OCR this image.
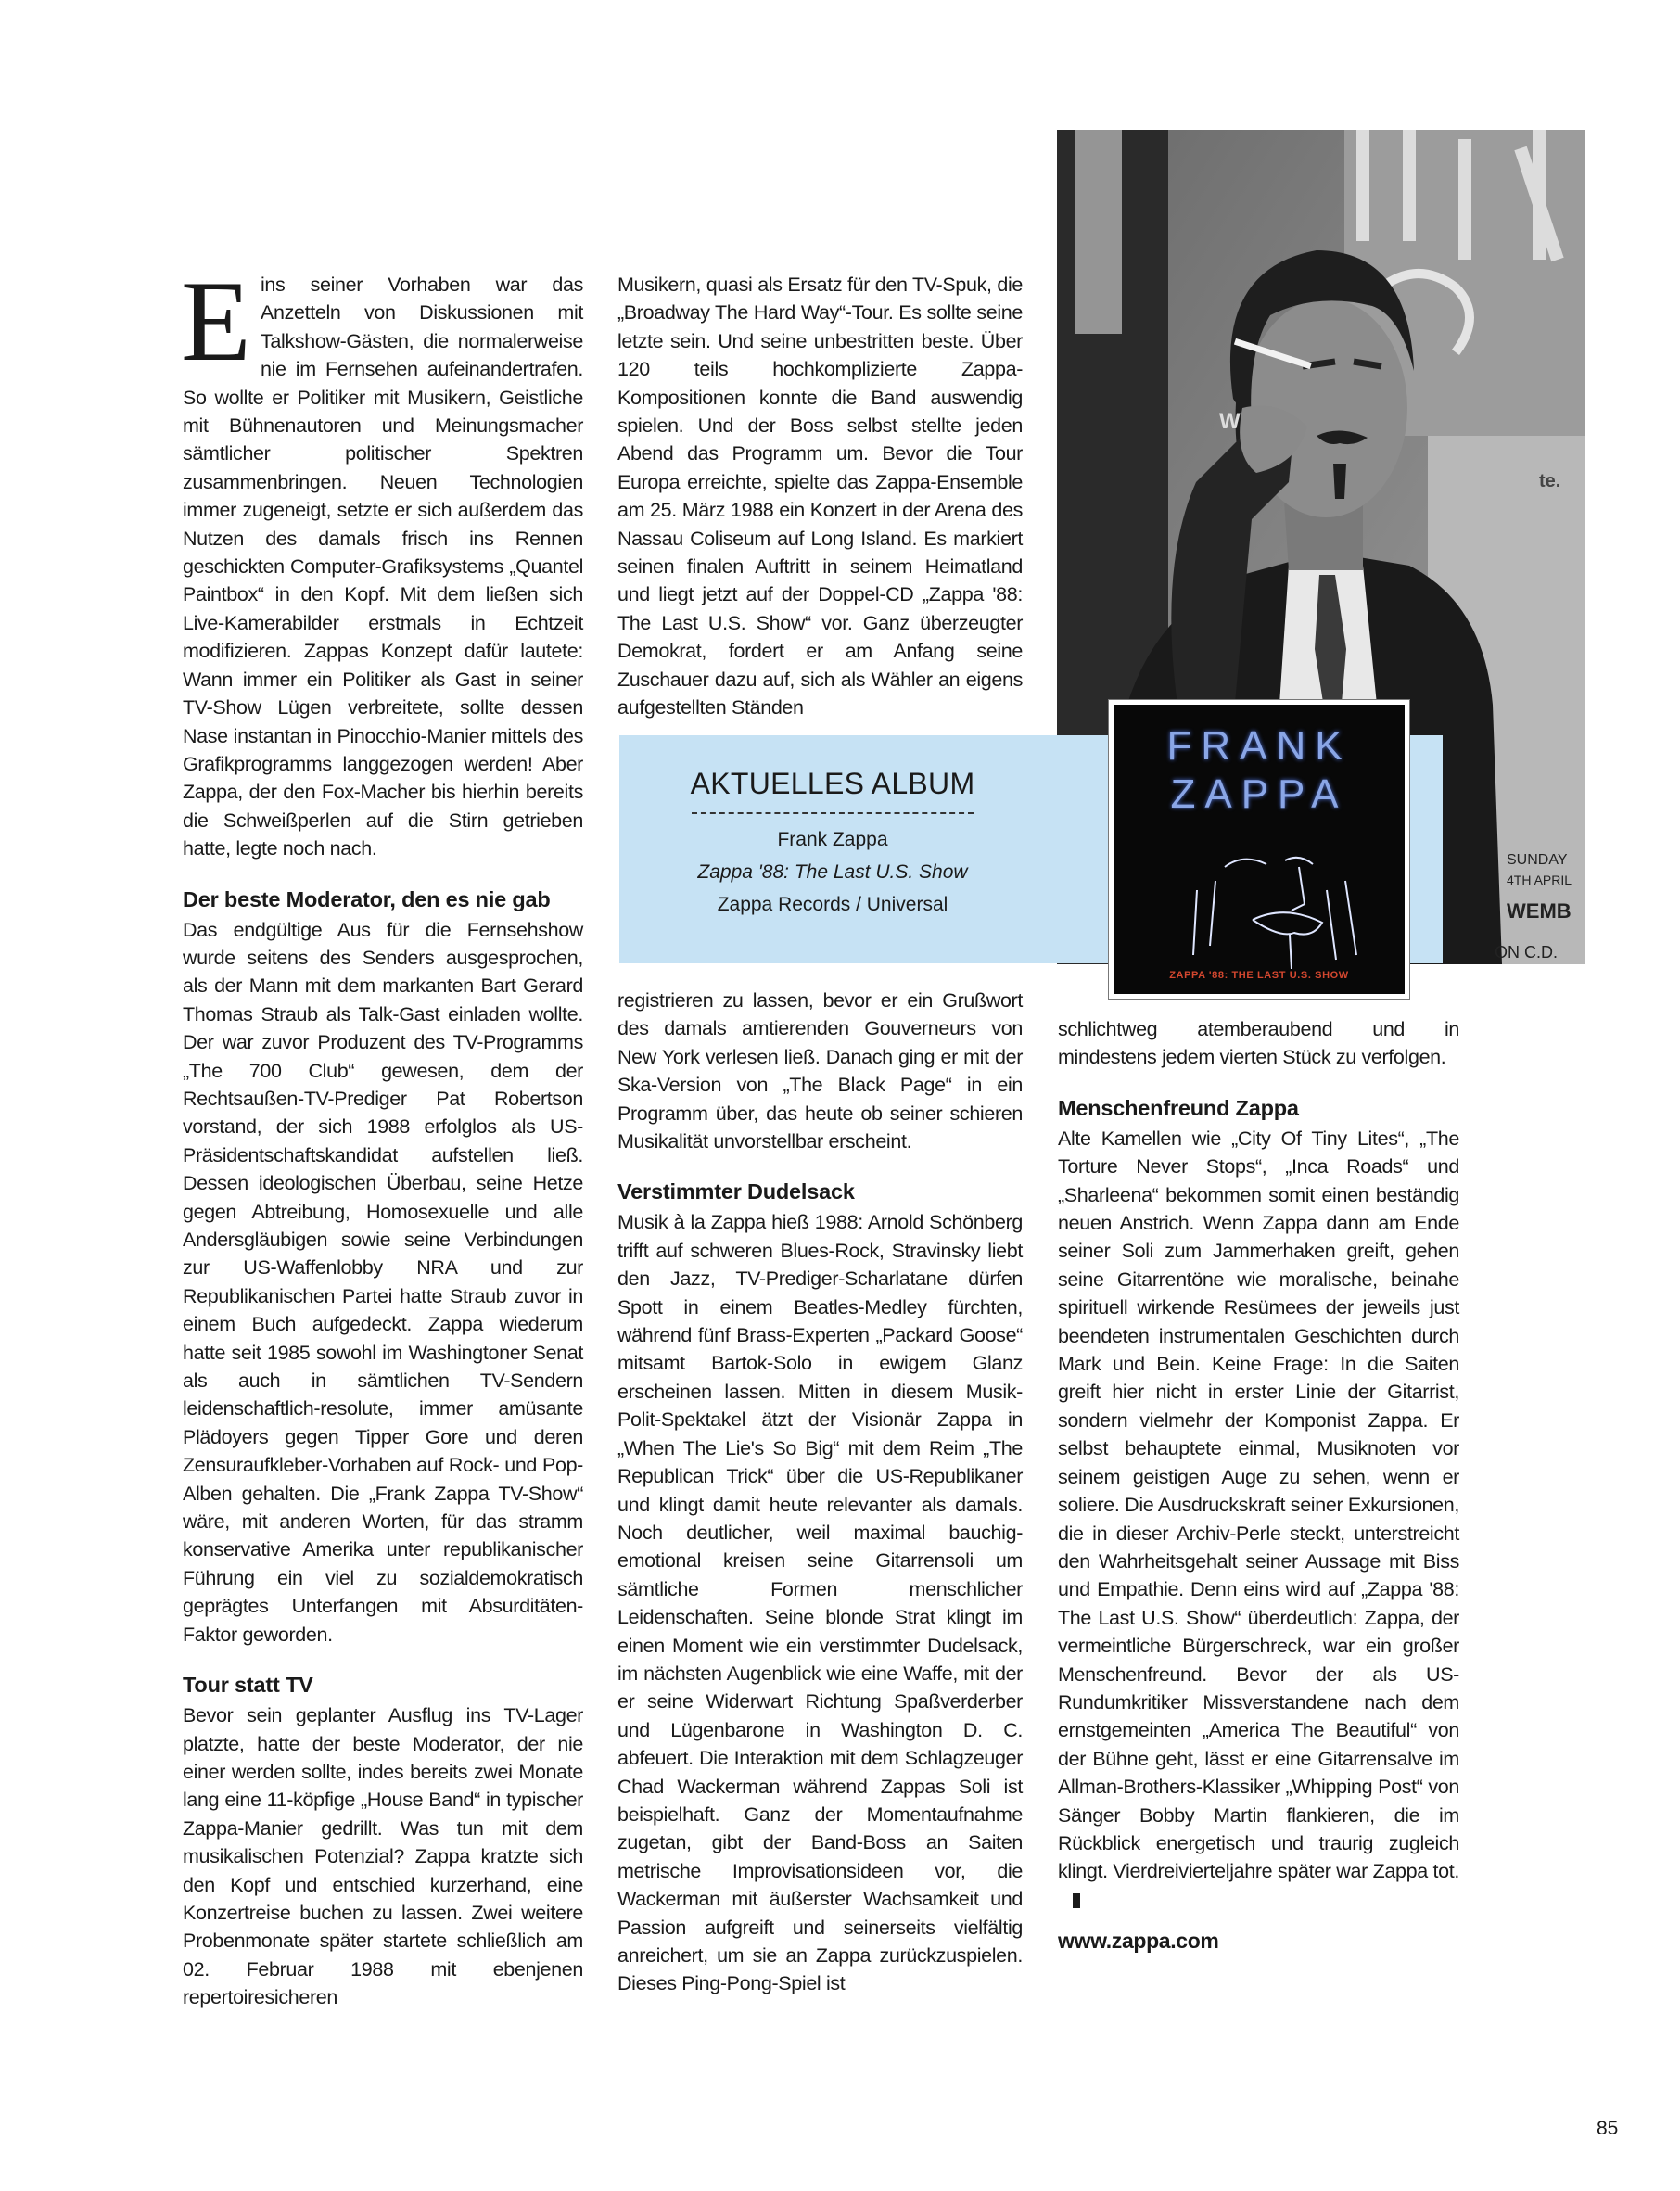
E ins seiner Vorhaben war das Anzetteln von Diskussionen mit Talkshow-Gästen, die normalerweise nie im Fernsehen aufeinandertrafen. So wollte er Politiker mit Musikern, Geistliche mit Bühnenautoren und Meinungsmacher sämtlicher politischer Spektren zusammenbringen. Neuen Technologien immer zugeneigt, setzte er sich außerdem das Nutzen des damals frisch ins Rennen geschickten Computer-Grafiksystems „Quantel Paintbox“ in den Kopf. Mit dem ließen sich Live-Kamerabilder erstmals in Echtzeit modifizieren. Zappas Konzept dafür lautete: Wann immer ein Politiker als Gast in seiner TV-Show Lügen verbreitete, sollte dessen Nase instantan in Pinocchio-Manier mittels des Grafikprogramms langgezogen werden! Aber Zappa, der den Fox-Macher bis hierhin bereits die Schweißperlen auf die Stirn getrieben hatte, legte noch nach.

Der beste Moderator, den es nie gab

Das endgültige Aus für die Fernsehshow wurde seitens des Senders ausgesprochen, als der Mann mit dem markanten Bart Gerard Thomas Straub als Talk-Gast einladen wollte. Der war zuvor Produzent des TV-Programms „The 700 Club“ gewesen, dem der Rechtsaußen-TV-Prediger Pat Robertson vorstand, der sich 1988 erfolglos als US-Präsidentschaftskandidat aufstellen ließ. Dessen ideologischen Überbau, seine Hetze gegen Abtreibung, Homosexuelle und alle Andersgläubigen sowie seine Verbindungen zur US-Waffenlobby NRA und zur Republikanischen Partei hatte Straub zuvor in einem Buch aufgedeckt. Zappa wiederum hatte seit 1985 sowohl im Washingtoner Senat als auch in sämtlichen TV-Sendern leidenschaftlich-resolute, immer amüsante Plädoyers gegen Tipper Gore und deren Zensuraufkleber-Vorhaben auf Rock- und Pop-Alben gehalten. Die „Frank Zappa TV-Show“ wäre, mit anderen Worten, für das stramm konservative Amerika unter republikanischer Führung ein viel zu sozialdemokratisch geprägtes Unterfangen mit Absurditäten-Faktor geworden.

Tour statt TV

Bevor sein geplanter Ausflug ins TV-Lager platzte, hatte der beste Moderator, der nie einer werden sollte, indes bereits zwei Monate lang eine 11-köpfige „House Band“ in typischer Zappa-Manier gedrillt. Was tun mit dem musikalischen Potenzial? Zappa kratzte sich den Kopf und entschied kurzerhand, eine Konzertreise buchen zu lassen. Zwei weitere Probenmonate später startete schließlich am 02. Februar 1988 mit ebenjenen repertoiresicheren

Musikern, quasi als Ersatz für den TV-Spuk, die „Broadway The Hard Way“-Tour. Es sollte seine letzte sein. Und seine unbestritten beste. Über 120 teils hochkomplizierte Zappa-Kompositionen konnte die Band auswendig spielen. Und der Boss selbst stellte jeden Abend das Programm um. Bevor die Tour Europa erreichte, spielte das Zappa-Ensemble am 25. März 1988 ein Konzert in der Arena des Nassau Coliseum auf Long Island. Es markiert seinen finalen Auftritt in seinem Heimatland und liegt jetzt auf der Doppel-CD „Zappa '88: The Last U.S. Show“ vor. Ganz überzeugter Demokrat, fordert er am Anfang seine Zuschauer dazu auf, sich als Wähler an eigens aufgestellten Ständen

W
te.
SUNDAY
4TH APRIL
WEMB
ON C.D.
AKTUELLES ALBUM
Frank Zappa
Zappa '88: The Last U.S. Show
Zappa Records / Universal
FRANK
ZAPPA
ZAPPA '88: THE LAST U.S. SHOW

registrieren zu lassen, bevor er ein Grußwort des damals amtierenden Gouverneurs von New York verlesen ließ. Danach ging er mit der Ska-Version von „The Black Page“ in ein Programm über, das heute ob seiner schieren Musikalität unvorstellbar erscheint.

Verstimmter Dudelsack

Musik à la Zappa hieß 1988: Arnold Schönberg trifft auf schweren Blues-Rock, Stravinsky liebt den Jazz, TV-Prediger-Scharlatane dürfen Spott in einem Beatles-Medley fürchten, während fünf Brass-Experten „Packard Goose“ mitsamt Bartok-Solo in ewigem Glanz erscheinen lassen. Mitten in diesem Musik-Polit-Spektakel ätzt der Visionär Zappa in „When The Lie's So Big“ mit dem Reim „The Republican Trick“ über die US-Republikaner und klingt damit heute relevanter als damals. Noch deutlicher, weil maximal bauchig-emotional kreisen seine Gitarrensoli um sämtliche Formen menschlicher Leidenschaften. Seine blonde Strat klingt im einen Moment wie ein verstimmter Dudelsack, im nächsten Augenblick wie eine Waffe, mit der er seine Widerwart Richtung Spaßverderber und Lügenbarone in Washington D. C. abfeuert. Die Interaktion mit dem Schlagzeuger Chad Wackerman während Zappas Soli ist beispielhaft. Ganz der Momentaufnahme zugetan, gibt der Band-Boss an Saiten metrische Improvisationsideen vor, die Wackerman mit äußerster Wachsamkeit und Passion aufgreift und seinerseits vielfältig anreichert, um sie an Zappa zurückzuspielen. Dieses Ping-Pong-Spiel ist

schlichtweg atemberaubend und in mindestens jedem vierten Stück zu verfolgen.

Menschenfreund Zappa

Alte Kamellen wie „City Of Tiny Lites“, „The Torture Never Stops“, „Inca Roads“ und „Sharleena“ bekommen somit einen beständig neuen Anstrich. Wenn Zappa dann am Ende seiner Soli zum Jammerhaken greift, gehen seine Gitarrentöne wie moralische, beinahe spirituell wirkende Resümees der jeweils just beendeten instrumentalen Geschichten durch Mark und Bein. Keine Frage: In die Saiten greift hier nicht in erster Linie der Gitarrist, sondern vielmehr der Komponist Zappa. Er selbst behauptete einmal, Musiknoten vor seinem geistigen Auge zu sehen, wenn er soliere. Die Ausdruckskraft seiner Exkursionen, die in dieser Archiv-Perle steckt, unterstreicht den Wahrheitsgehalt seiner Aussage mit Biss und Empathie. Denn eins wird auf „Zappa '88: The Last U.S. Show“ überdeutlich: Zappa, der vermeintliche Bürgerschreck, war ein großer Menschenfreund. Bevor der als US-Rundumkritiker Missverstandene nach dem ernstgemeinten „America The Beautiful“ von der Bühne geht, lässt er eine Gitarrensalve im Allman-Brothers-Klassiker „Whipping Post“ von Sänger Bobby Martin flankieren, die im Rückblick energetisch und traurig zugleich klingt. Vierdreivierteljahre später war Zappa tot.

www.zappa.com
85
